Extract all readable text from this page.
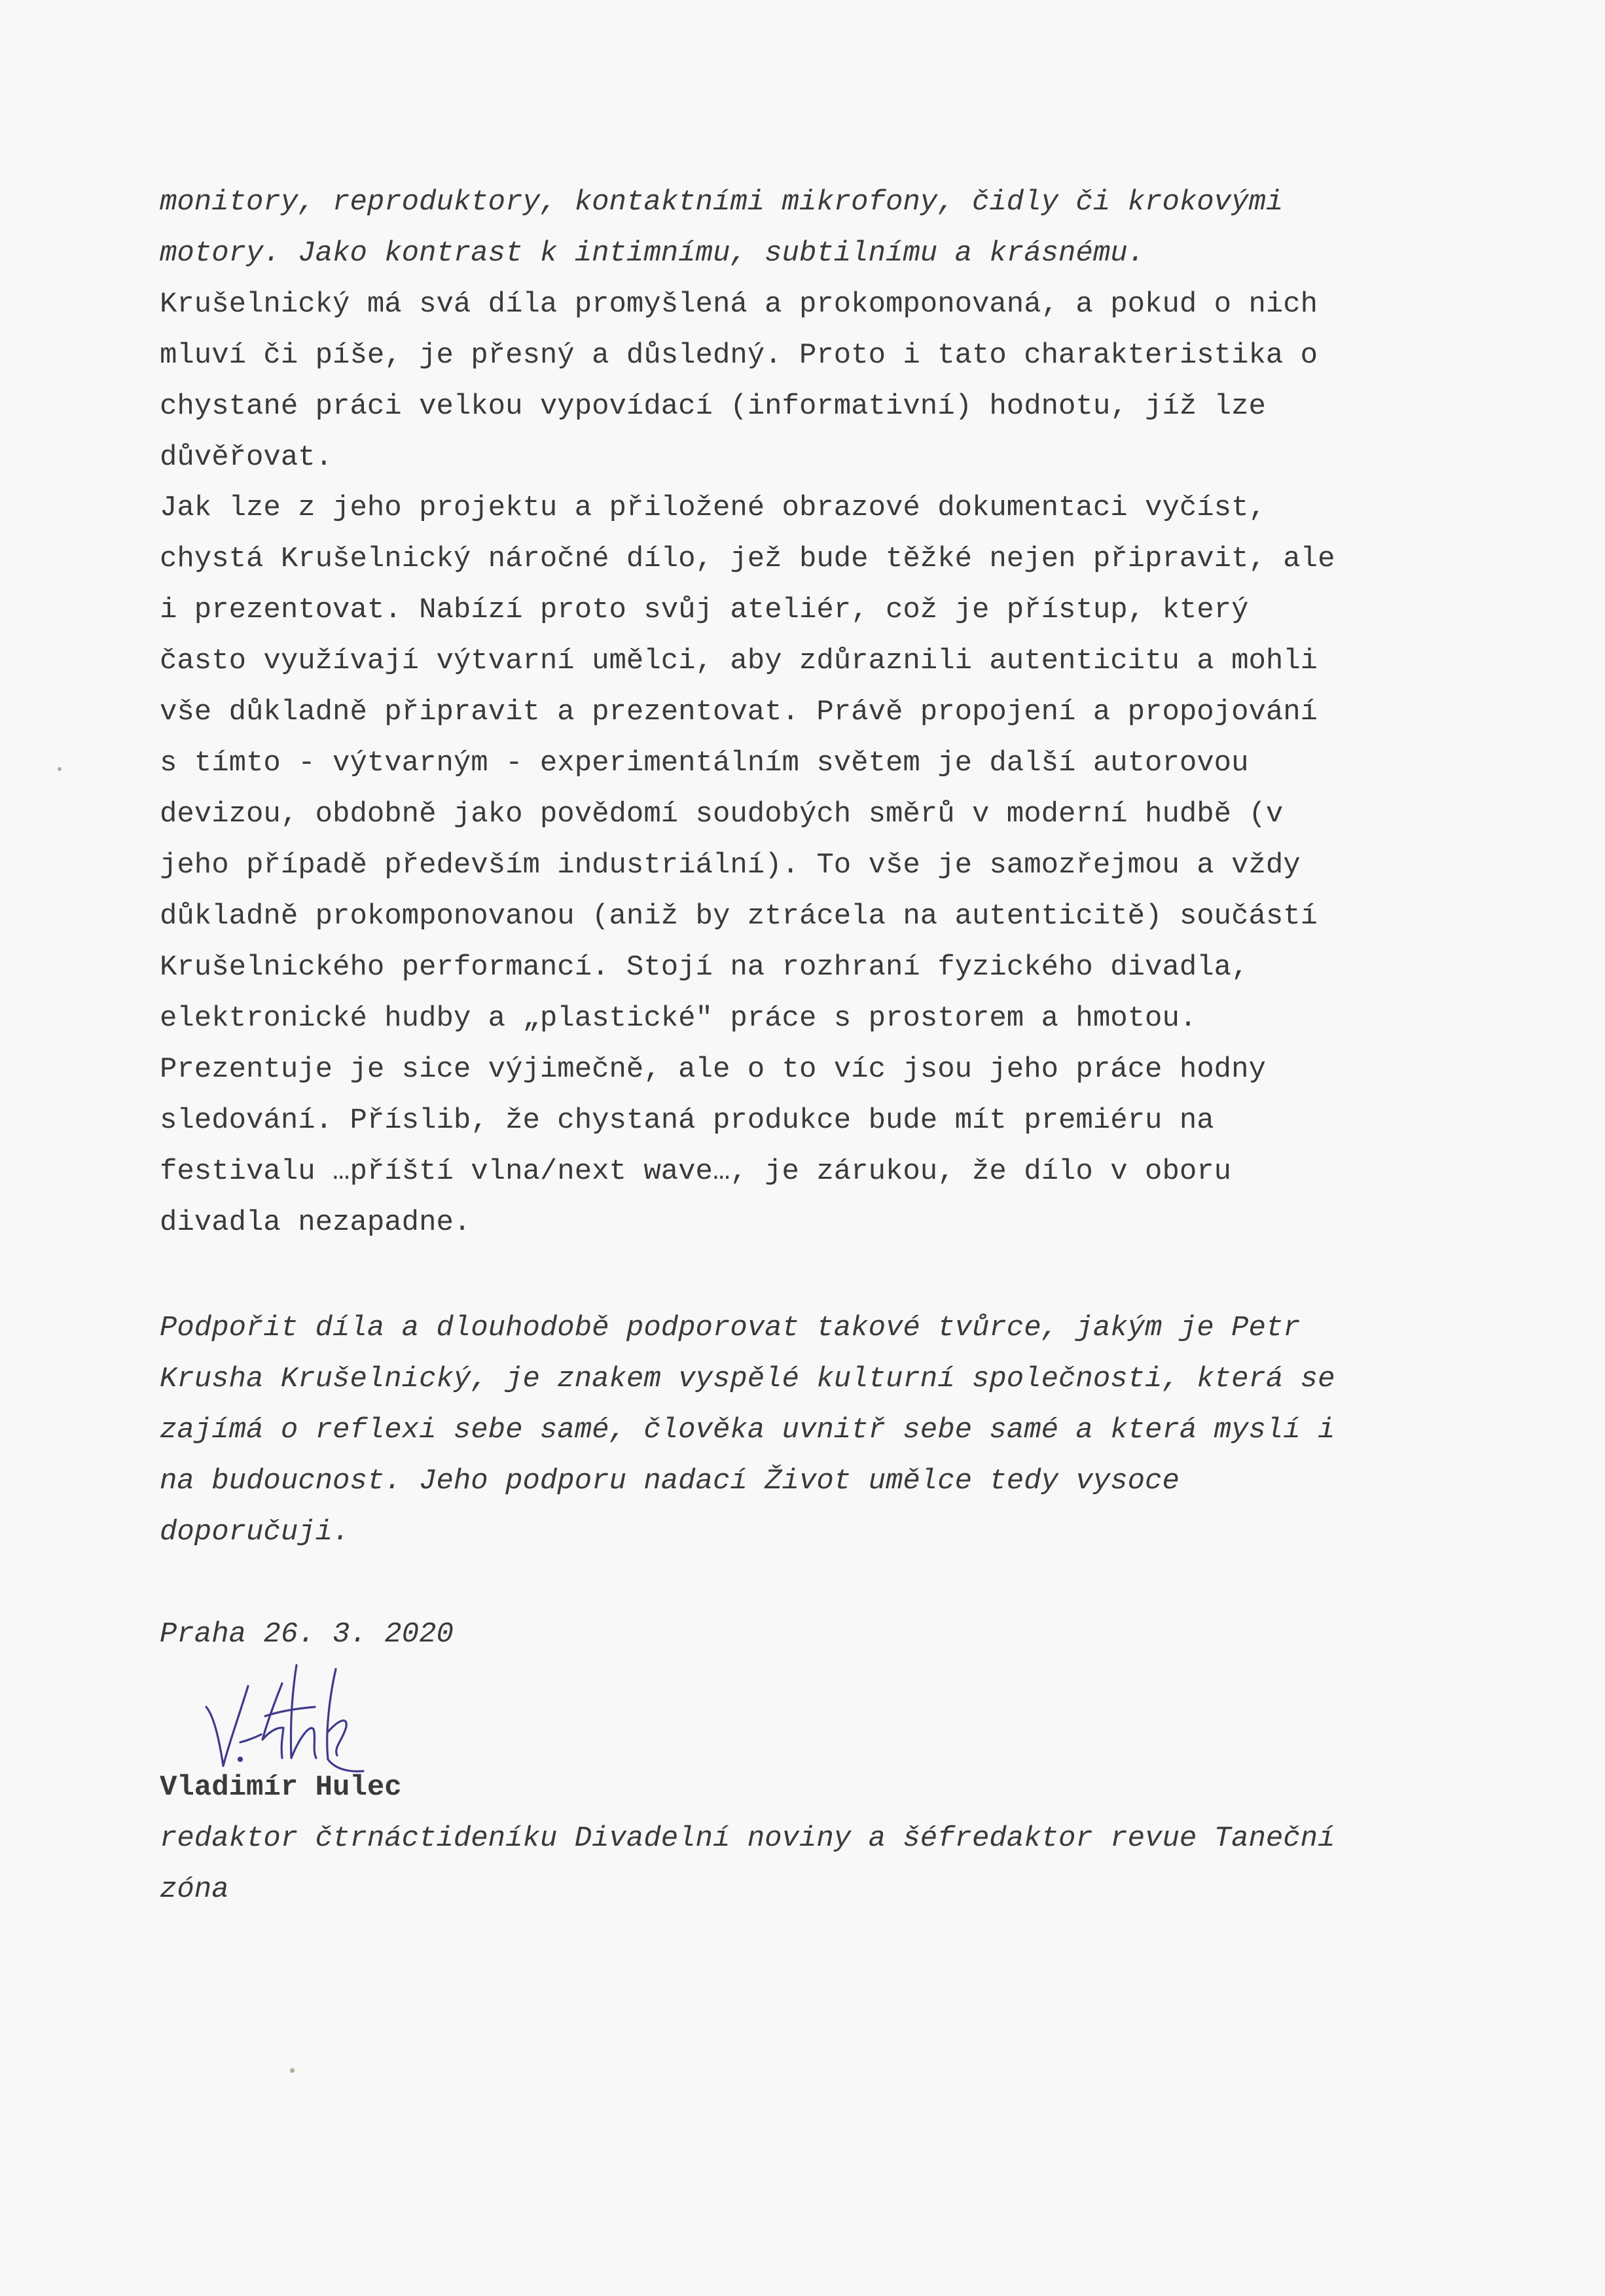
monitory, reproduktory, kontaktními mikrofony, čidly či krokovými
motory. Jako kontrast k intimnímu, subtilnímu a krásnému.
Krušelnický má svá díla promyšlená a prokomponovaná, a pokud o nich
mluví či píše, je přesný a důsledný. Proto i tato charakteristika o
chystané práci velkou vypovídací (informativní) hodnotu, jíž lze
důvěřovat.
Jak lze z jeho projektu a přiložené obrazové dokumentaci vyčíst,
chystá Krušelnický náročné dílo, jež bude těžké nejen připravit, ale
i prezentovat. Nabízí proto svůj ateliér, což je přístup, který
často využívají výtvarní umělci, aby zdůraznili autenticitu a mohli
vše důkladně připravit a prezentovat. Právě propojení a propojování
s tímto - výtvarným - experimentálním světem je další autorovou
devizou, obdobně jako povědomí soudobých směrů v moderní hudbě (v
jeho případě především industriální). To vše je samozřejmou a vždy
důkladně prokomponovanou (aniž by ztrácela na autenticitě) součástí
Krušelnického performancí. Stojí na rozhraní fyzického divadla,
elektronické hudby a „plastické" práce s prostorem a hmotou.
Prezentuje je sice výjimečně, ale o to víc jsou jeho práce hodny
sledování. Příslib, že chystaná produkce bude mít premiéru na
festivalu …příští vlna/next wave…, je zárukou, že dílo v oboru
divadla nezapadne.
Podpořit díla a dlouhodobě podporovat takové tvůrce, jakým je Petr
Krusha Krušelnický, je znakem vyspělé kulturní společnosti, která se
zajímá o reflexi sebe samé, člověka uvnitř sebe samé a která myslí i
na budoucnost. Jeho podporu nadací Život umělce tedy vysoce
doporučuji.
Praha 26. 3. 2020
Vladimír Hulec
redaktor čtrnáctideníku Divadelní noviny a šéfredaktor revue Taneční
zóna
